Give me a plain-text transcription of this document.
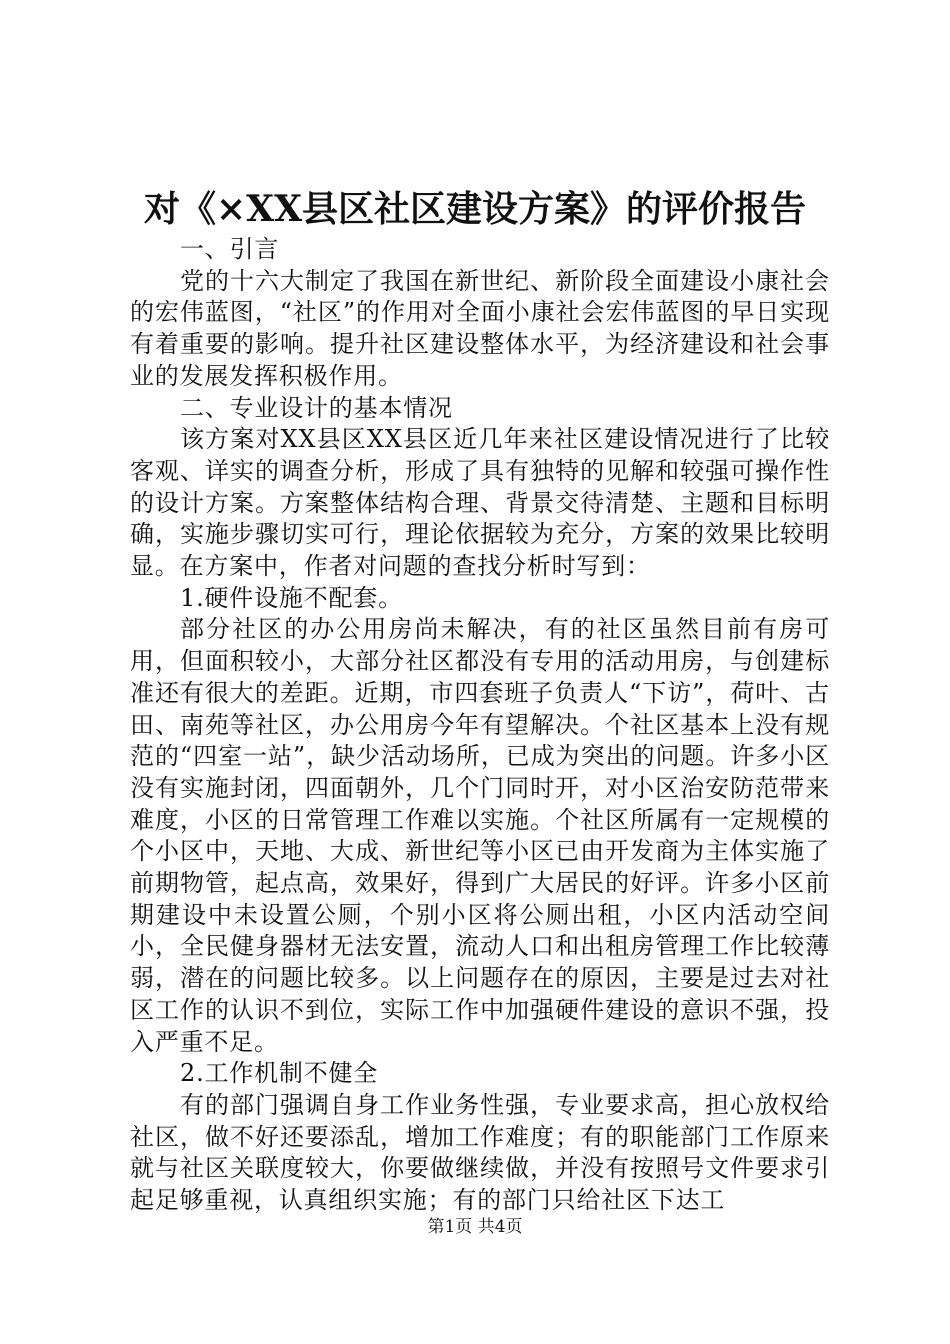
对《×XX县区社区建设方案》的评价报告

一、引言

党的十六大制定了我国在新世纪、新阶段全面建设小康社会的宏伟蓝图，“社区”的作用对全面小康社会宏伟蓝图的早日实现有着重要的影响。提升社区建设整体水平，为经济建设和社会事业的发展发挥积极作用。

二、专业设计的基本情况

该方案对XX县区XX县区近几年来社区建设情况进行了比较客观、详实的调查分析，形成了具有独特的见解和较强可操作性的设计方案。方案整体结构合理、背景交待清楚、主题和目标明确，实施步骤切实可行，理论依据较为充分，方案的效果比较明显。在方案中，作者对问题的查找分析时写到：

1.硬件设施不配套。

部分社区的办公用房尚未解决，有的社区虽然目前有房可用，但面积较小，大部分社区都没有专用的活动用房，与创建标准还有很大的差距。近期，市四套班子负责人“下访”，荷叶、古田、南苑等社区，办公用房今年有望解决。个社区基本上没有规范的“四室一站”，缺少活动场所，已成为突出的问题。许多小区没有实施封闭，四面朝外，几个门同时开，对小区治安防范带来难度，小区的日常管理工作难以实施。个社区所属有一定规模的个小区中，天地、大成、新世纪等小区已由开发商为主体实施了前期物管，起点高，效果好，得到广大居民的好评。许多小区前期建设中未设置公厕，个别小区将公厕出租，小区内活动空间小，全民健身器材无法安置，流动人口和出租房管理工作比较薄弱，潜在的问题比较多。以上问题存在的原因，主要是过去对社区工作的认识不到位，实际工作中加强硬件建设的意识不强，投入严重不足。

2.工作机制不健全

有的部门强调自身工作业务性强，专业要求高，担心放权给社区，做不好还要添乱，增加工作难度；有的职能部门工作原来就与社区关联度较大，你要做继续做，并没有按照号文件要求引起足够重视，认真组织实施；有的部门只给社区下达工

第1页 共4页
